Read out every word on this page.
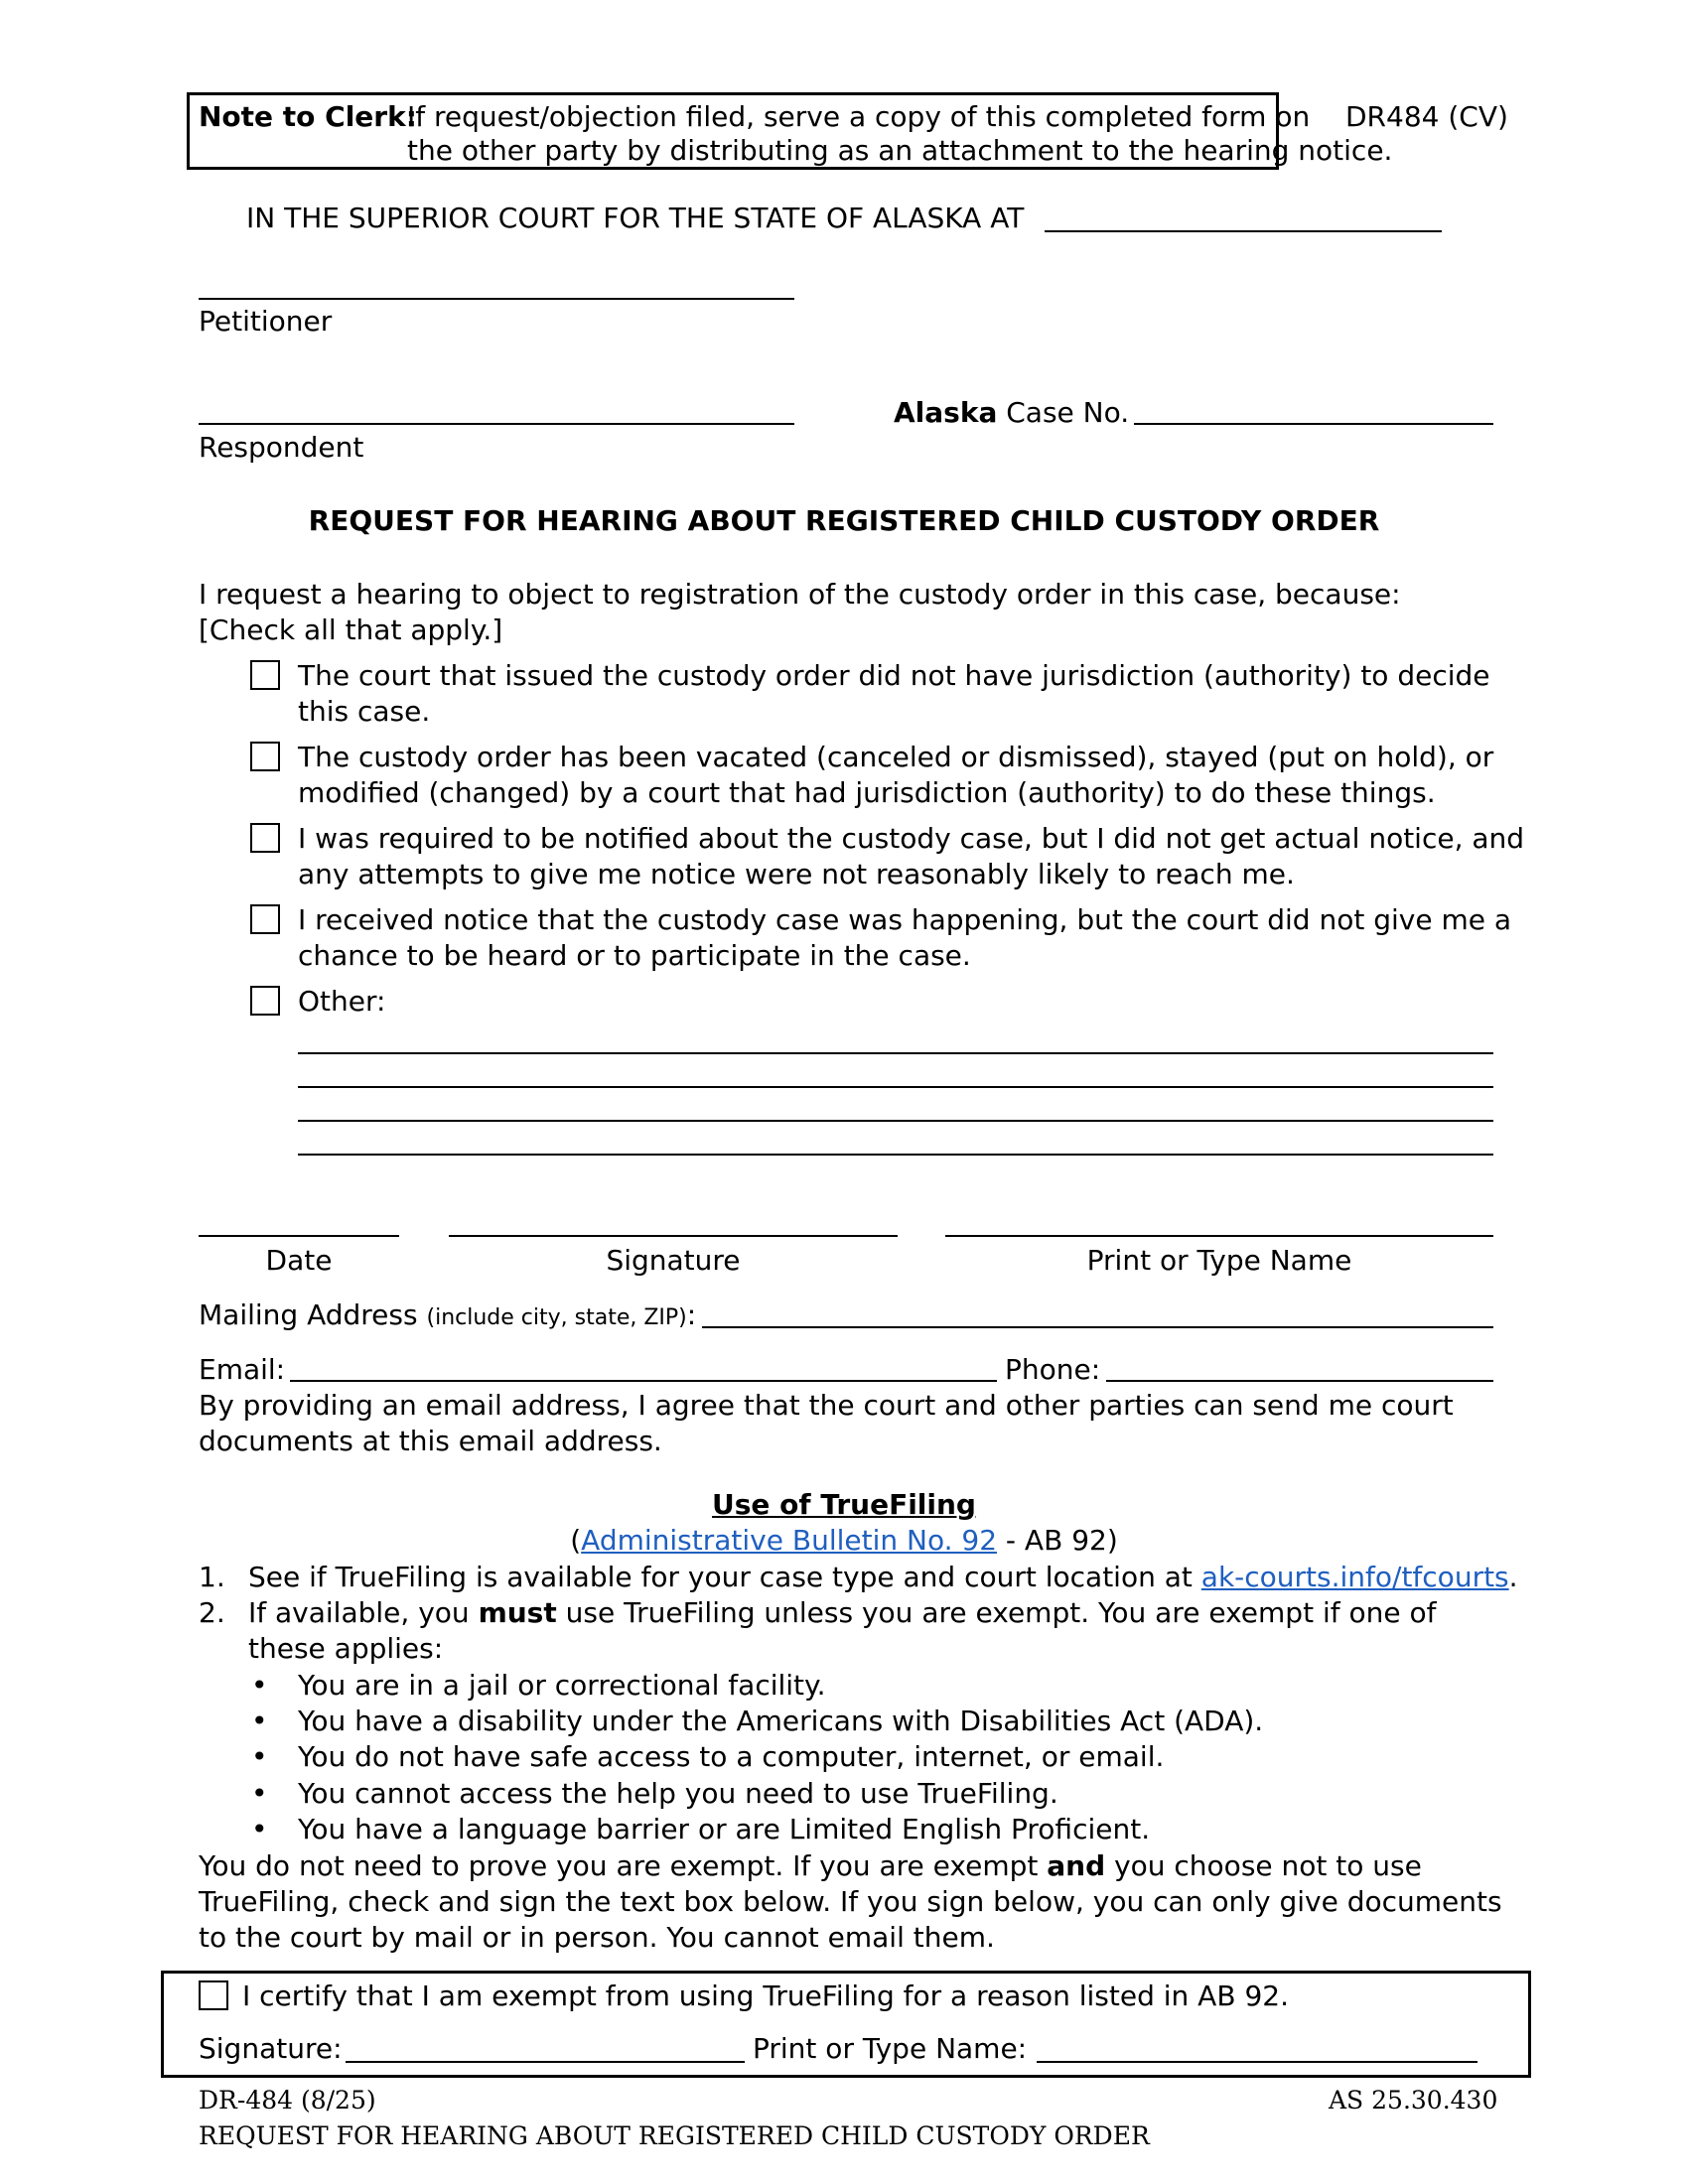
Note to Clerk:
If request/objection filed, serve a copy of this completed form on
the other party by distributing as an attachment to the hearing notice.
DR484 (CV)
IN THE SUPERIOR COURT FOR THE STATE OF ALASKA AT
Petitioner
Respondent
Alaska Case No.
REQUEST FOR HEARING ABOUT REGISTERED CHILD CUSTODY ORDER
I request a hearing to object to registration of the custody order in this case, because:
[Check all that apply.]
The court that issued the custody order did not have jurisdiction (authority) to decide
this case.
The custody order has been vacated (canceled or dismissed), stayed (put on hold), or
modified (changed) by a court that had jurisdiction (authority) to do these things.
I was required to be notified about the custody case, but I did not get actual notice, and
any attempts to give me notice were not reasonably likely to reach me.
I received notice that the custody case was happening, but the court did not give me a
chance to be heard or to participate in the case.
Other:
Date	Signature	Print or Type Name
Mailing Address (include city, state, ZIP):
Email:	Phone:
By providing an email address, I agree that the court and other parties can send me court
documents at this email address.
Use of TrueFiling
(Administrative Bulletin No. 92 - AB 92)
1. See if TrueFiling is available for your case type and court location at ak-courts.info/tfcourts.
2. If available, you must use TrueFiling unless you are exempt. You are exempt if one of
these applies:
• You are in a jail or correctional facility.
• You have a disability under the Americans with Disabilities Act (ADA).
• You do not have safe access to a computer, internet, or email.
• You cannot access the help you need to use TrueFiling.
• You have a language barrier or are Limited English Proficient.
You do not need to prove you are exempt. If you are exempt and you choose not to use
TrueFiling, check and sign the text box below. If you sign below, you can only give documents
to the court by mail or in person. You cannot email them.
I certify that I am exempt from using TrueFiling for a reason listed in AB 92.
Signature:	Print or Type Name:
DR-484 (8/25)	AS 25.30.430
REQUEST FOR HEARING ABOUT REGISTERED CHILD CUSTODY ORDER
